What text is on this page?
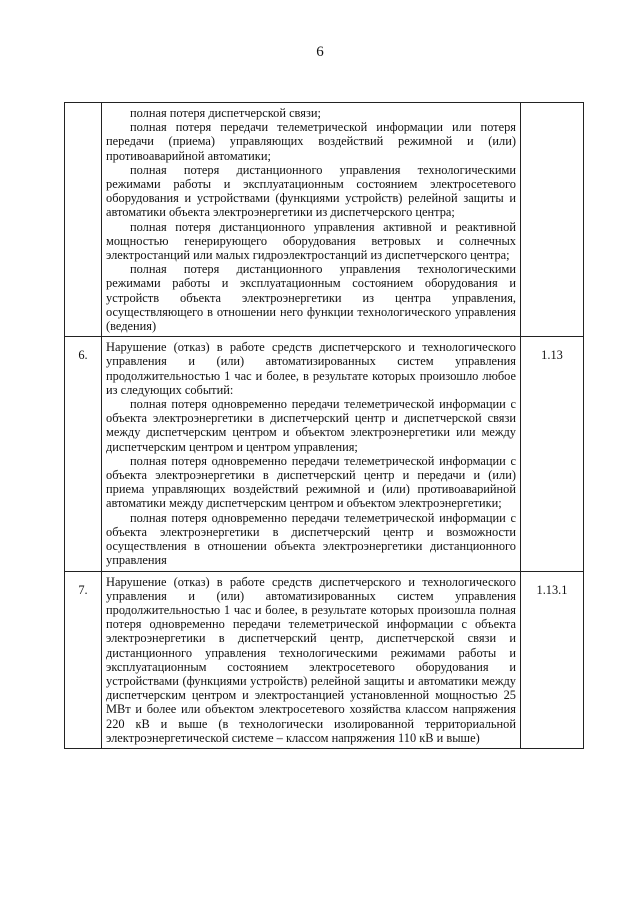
6

	полная потеря диспетчерской связи;

полная потеря передачи телеметрической информации или потеря передачи (приема) управляющих воздействий режимной и (или) противоаварийной автоматики;

полная потеря дистанционного управления технологическими режимами работы и эксплуатационным состоянием электросетевого оборудования и устройствами (функциями устройств) релейной защиты и автоматики объекта электроэнергетики из диспетчерского центра;

полная потеря дистанционного управления активной и реактивной мощностью генерирующего оборудования ветровых и солнечных электростанций или малых гидроэлектростанций из диспетчерского центра;

полная потеря дистанционного управления технологическими режимами работы и эксплуатационным состоянием оборудования и устройств объекта электроэнергетики из центра управления, осуществляющего в отношении него функции технологического управления (ведения)	

6.	Нарушение (отказ) в работе средств диспетчерского и технологического управления и (или) автоматизированных систем управления продолжительностью 1 час и более, в результате которых произошло любое из следующих событий:

полная потеря одновременно передачи телеметрической информации с объекта электроэнергетики в диспетчерский центр и диспетчерской связи между диспетчерским центром и объектом электроэнергетики или между диспетчерским центром и центром управления;

полная потеря одновременно передачи телеметрической информации с объекта электроэнергетики в диспетчерский центр и передачи и (или) приема управляющих воздействий режимной и (или) противоаварийной автоматики между диспетчерским центром и объектом электроэнергетики;

полная потеря одновременно передачи телеметрической информации с объекта электроэнергетики в диспетчерский центр и возможности осуществления в отношении объекта электроэнергетики дистанционного управления	1.13
7.	Нарушение (отказ) в работе средств диспетчерского и технологического управления и (или) автоматизированных систем управления продолжительностью 1 час и более, в результате которых произошла полная потеря одновременно передачи телеметрической информации с объекта электроэнергетики в диспетчерский центр, диспетчерской связи и дистанционного управления технологическими режимами работы и эксплуатационным состоянием электросетевого оборудования и устройствами (функциями устройств) релейной защиты и автоматики между диспетчерским центром и электростанцией установленной мощностью 25 МВт и более или объектом электросетевого хозяйства классом напряжения 220 кВ и выше (в технологически изолированной территориальной электроэнергетической системе – классом напряжения 110 кВ и выше)	1.13.1
